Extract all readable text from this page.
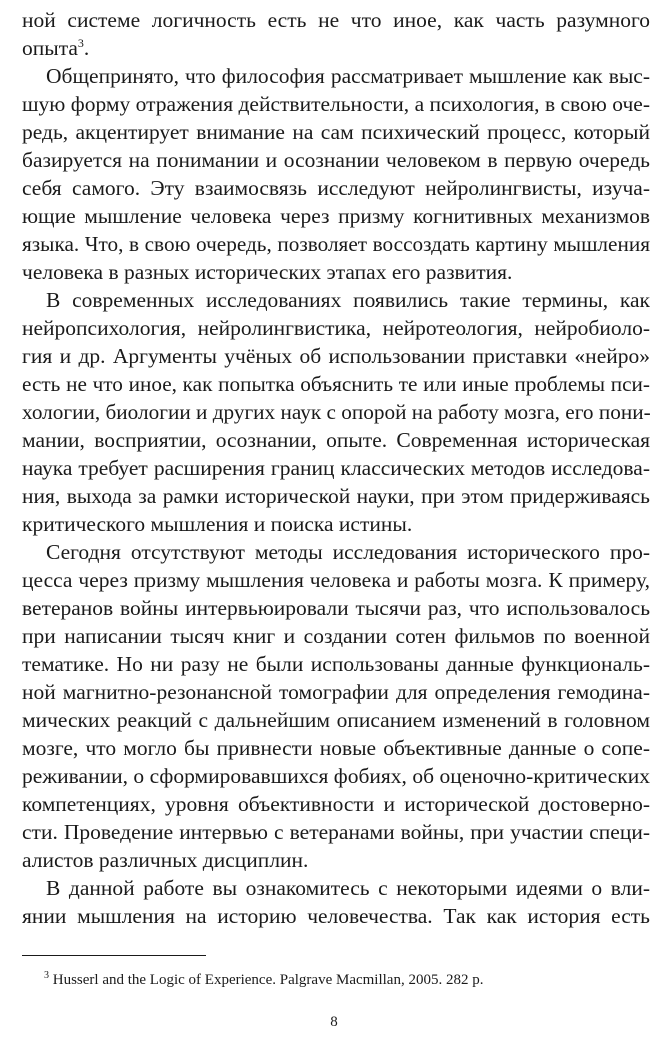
ной системе логичность есть не что иное, как часть разумного
опыта$^3$.
Общепринято, что философия рассматривает мышление как выс-
шую форму отражения действительности, а психология, в свою оче-
редь, акцентирует внимание на сам психический процесс, который
базируется на понимании и осознании человеком в первую очередь
себя самого. Эту взаимосвязь исследуют нейролингвисты, изуча-
ющие мышление человека через призму когнитивных механизмов
языка. Что, в свою очередь, позволяет воссоздать картину мышления
человека в разных исторических этапах его развития.
В современных исследованиях появились такие термины, как
нейропсихология, нейролингвистика, нейротеология, нейробиоло-
гия и др. Аргументы учёных об использовании приставки «нейро»
есть не что иное, как попытка объяснить те или иные проблемы пси-
хологии, биологии и других наук с опорой на работу мозга, его пони-
мании, восприятии, осознании, опыте. Современная историческая
наука требует расширения границ классических методов исследова-
ния, выхода за рамки исторической науки, при этом придерживаясь
критического мышления и поиска истины.
Сегодня отсутствуют методы исследования исторического про-
цесса через призму мышления человека и работы мозга. К примеру,
ветеранов войны интервьюировали тысячи раз, что использовалось
при написании тысяч книг и создании сотен фильмов по военной
тематике. Но ни разу не были использованы данные функциональ-
ной магнитно-резонансной томографии для определения гемодина-
мических реакций с дальнейшим описанием изменений в головном
мозге, что могло бы привнести новые объективные данные о сопе-
реживании, о сформировавшихся фобиях, об оценочно-критических
компетенциях, уровня объективности и исторической достоверно-
сти. Проведение интервью с ветеранами войны, при участии специ-
алистов различных дисциплин.
В данной работе вы ознакомитесь с некоторыми идеями о вли-
янии мышления на историю человечества. Так как история есть
$^3$ Husserl and the Logic of Experience. Palgrave Macmillan, 2005. 282 p.
8
